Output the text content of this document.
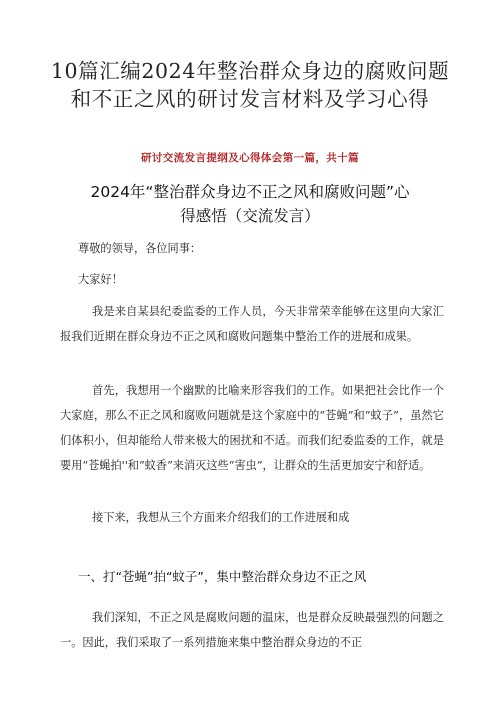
10篇汇编2024年整治群众身边的腐败问题
和不正之风的研讨发言材料及学习心得
研讨交流发言提纲及心得体会第一篇，共十篇
2024年“整治群众身边不正之风和腐败问题”心
得感悟（交流发言）

尊敬的领导，各位同事：

大家好！

我是来自某县纪委监委的工作人员，今天非常荣幸能够在这里向大家汇报我们近期在群众身边不正之风和腐败问题集中整治工作的进展和成果。

首先，我想用一个幽默的比喻来形容我们的工作。如果把社会比作一个大家庭，那么不正之风和腐败问题就是这个家庭中的“苍蝇”和“蚊子”，虽然它们体积小，但却能给人带来极大的困扰和不适。而我们纪委监委的工作，就是要用“苍蝇拍''和“蚊香”来消灭这些“害虫”，让群众的生活更加安宁和舒适。

接下来，我想从三个方面来介绍我们的工作进展和成

一、打“苍蝇”拍“蚊子”，集中整治群众身边不正之风

我们深知，不正之风是腐败问题的温床，也是群众反映最强烈的问题之一。因此，我们采取了一系列措施来集中整治群众身边的不正
